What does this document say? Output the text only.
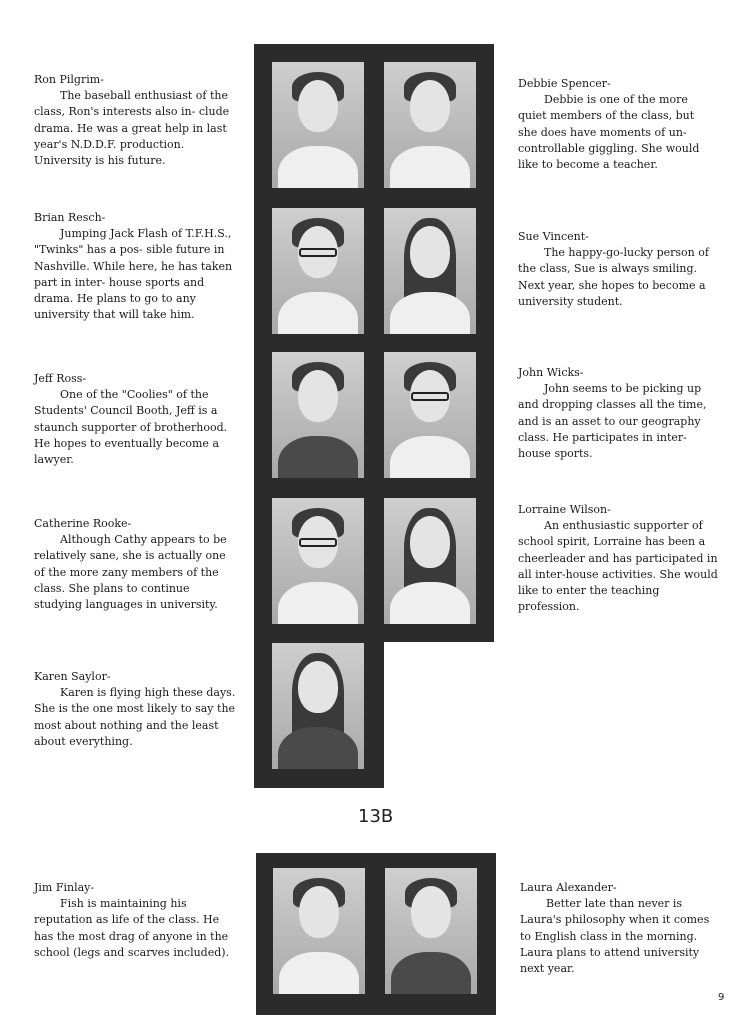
Ron Pilgrim-
The baseball enthusiast of the class, Ron's interests also in- clude drama. He was a great help in last year's N.D.D.F. production. University is his future.
Brian Resch-
Jumping Jack Flash of T.F.H.S., "Twinks" has a pos- sible future in Nashville. While here, he has taken part in inter- house sports and drama. He plans to go to any university that will take him.
Jeff Ross-
One of the "Coolies" of the Students' Council Booth, Jeff is a staunch supporter of brotherhood. He hopes to eventually become a lawyer.
Catherine Rooke-
Although Cathy appears to be relatively sane, she is actually one of the more zany members of the class. She plans to continue studying languages in university.
Karen Saylor-
Karen is flying high these days. She is the one most likely to say the most about nothing and the least about everything.
Debbie Spencer-
Debbie is one of the more quiet members of the class, but she does have moments of un- controllable giggling. She would like to become a teacher.
Sue Vincent-
The happy-go-lucky person of the class, Sue is always smiling. Next year, she hopes to become a university student.
John Wicks-
John seems to be picking up and dropping classes all the time, and is an asset to our geography class. He participates in inter- house sports.
Lorraine Wilson-
An enthusiastic supporter of school spirit, Lorraine has been a cheerleader and has participated in all inter-house activities. She would like to enter the teaching profession.
13B
Jim Finlay-
Fish is maintaining his reputation as life of the class. He has the most drag of anyone in the school (legs and scarves included).
Laura Alexander-
Better late than never is Laura's philosophy when it comes to English class in the morning. Laura plans to attend university next year.
9
